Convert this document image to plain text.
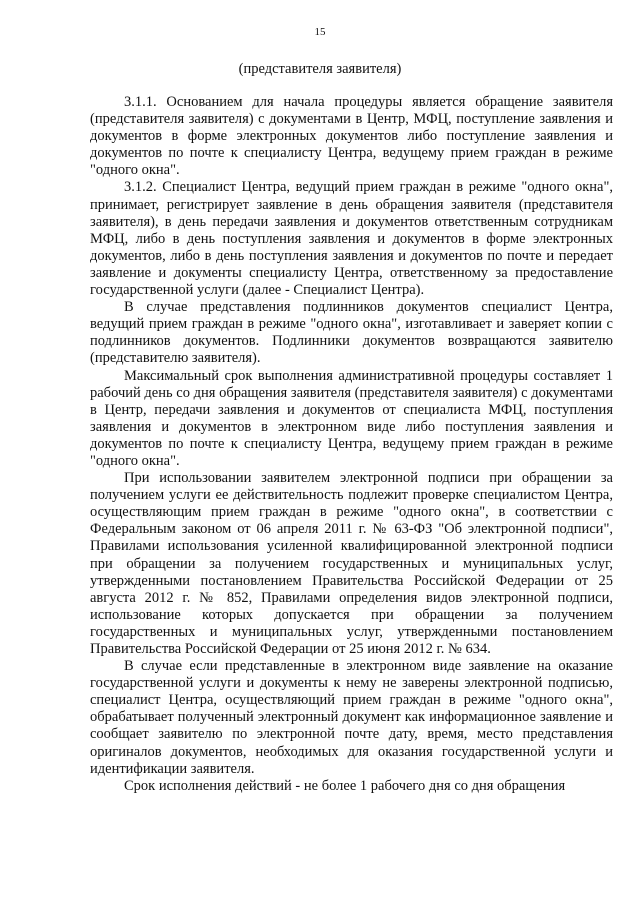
15
(представителя заявителя)

3.1.1. Основанием для начала процедуры является обращение заявителя (представителя заявителя) с документами в Центр, МФЦ, поступление заявления и документов в форме электронных документов либо поступление заявления и документов по почте к специалисту Центра, ведущему прием граждан в режиме "одного окна".

3.1.2. Специалист Центра, ведущий прием граждан в режиме "одного окна", принимает, регистрирует заявление в день обращения заявителя (представителя заявителя), в день передачи заявления и документов ответственным сотрудникам МФЦ, либо в день поступления заявления и документов в форме электронных документов, либо в день поступления заявления и документов по почте и передает заявление и документы специалисту Центра, ответственному за предоставление государственной услуги (далее - Специалист Центра).

В случае представления подлинников документов специалист Центра, ведущий прием граждан в режиме "одного окна", изготавливает и заверяет копии с подлинников документов. Подлинники документов возвращаются заявителю (представителю заявителя).

Максимальный срок выполнения административной процедуры составляет 1 рабочий день со дня обращения заявителя (представителя заявителя) с документами в Центр, передачи заявления и документов от специалиста МФЦ, поступления заявления и документов в электронном виде либо поступления заявления и документов по почте к специалисту Центра, ведущему прием граждан в режиме "одного окна".

При использовании заявителем электронной подписи при обращении за получением услуги ее действительность подлежит проверке специалистом Центра, осуществляющим прием граждан в режиме "одного окна", в соответствии с Федеральным законом от 06 апреля 2011 г. № 63-ФЗ "Об электронной подписи", Правилами использования усиленной квалифицированной электронной подписи при обращении за получением государственных и муниципальных услуг, утвержденными постановлением Правительства Российской Федерации от 25 августа 2012 г. № 852, Правилами определения видов электронной подписи, использование которых допускается при обращении за получением государственных и муниципальных услуг, утвержденными постановлением Правительства Российской Федерации от 25 июня 2012 г. № 634.

В случае если представленные в электронном виде заявление на оказание государственной услуги и документы к нему не заверены электронной подписью, специалист Центра, осуществляющий прием граждан в режиме "одного окна", обрабатывает полученный электронный документ как информационное заявление и сообщает заявителю по электронной почте дату, время, место представления оригиналов документов, необходимых для оказания государственной услуги и идентификации заявителя.

Срок исполнения действий - не более 1 рабочего дня со дня обращения
